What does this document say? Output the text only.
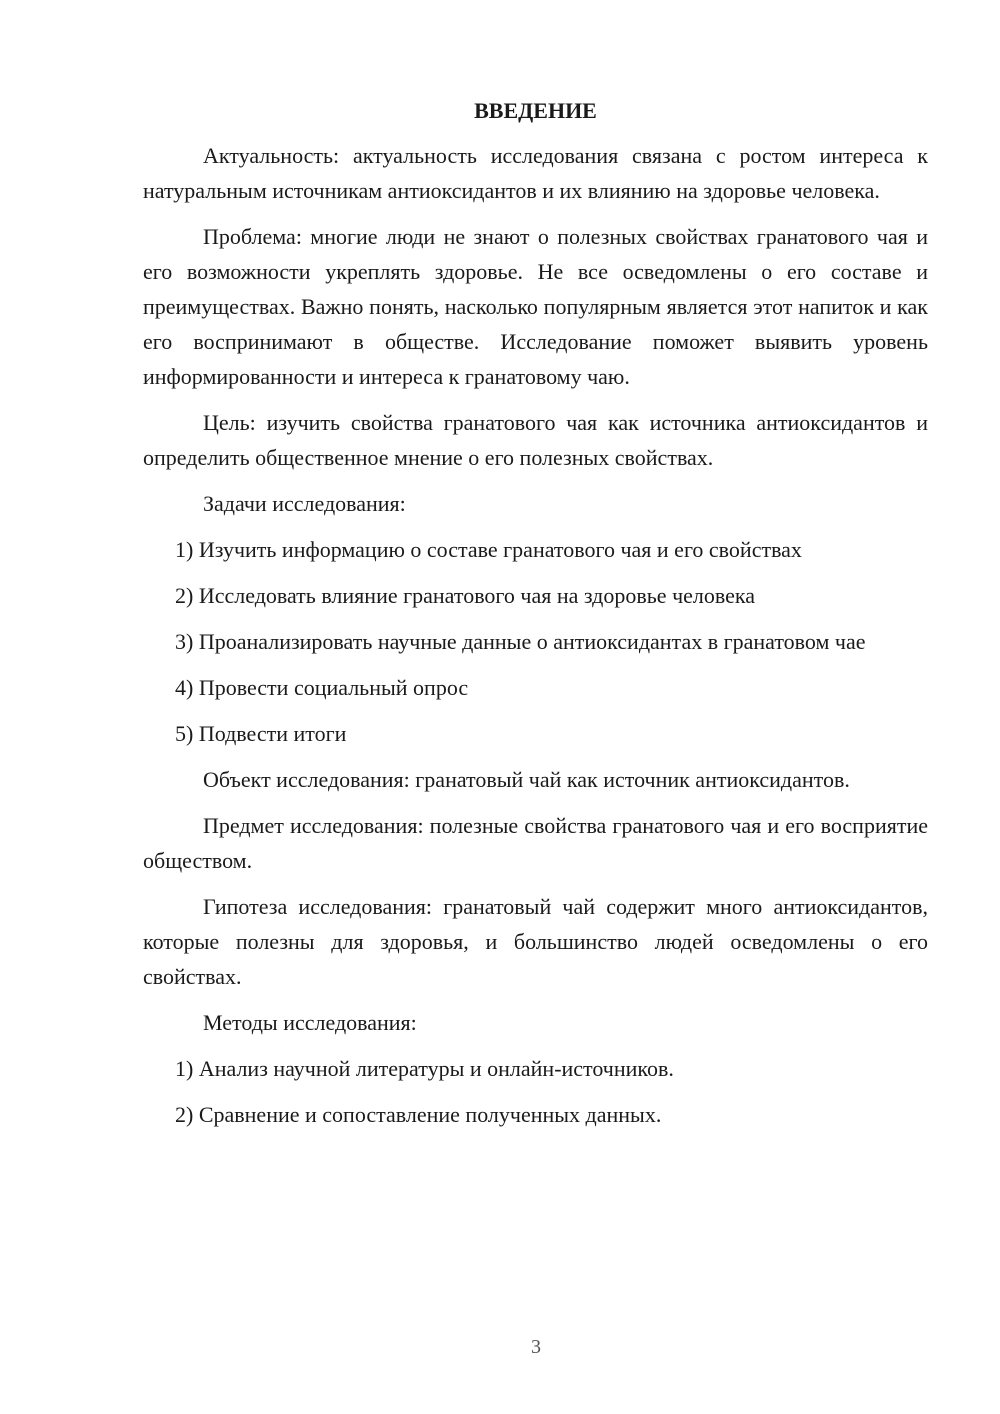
ВВЕДЕНИЕ

Актуальность: актуальность исследования связана с ростом интереса к натуральным источникам антиоксидантов и их влиянию на здоровье человека.

Проблема: многие люди не знают о полезных свойствах гранатового чая и его возможности укреплять здоровье. Не все осведомлены о его составе и преимуществах. Важно понять, насколько популярным является этот напиток и как его воспринимают в обществе. Исследование поможет выявить уровень информированности и интереса к гранатовому чаю.

Цель: изучить свойства гранатового чая как источника антиоксидантов и определить общественное мнение о его полезных свойствах.

Задачи исследования:

1) Изучить информацию о составе гранатового чая и его свойствах
2) Исследовать влияние гранатового чая на здоровье человека
3) Проанализировать научные данные о антиоксидантах в гранатовом чае
4) Провести социальный опрос
5) Подвести итоги

Объект исследования: гранатовый чай как источник антиоксидантов.

Предмет исследования: полезные свойства гранатового чая и его восприятие обществом.

Гипотеза исследования: гранатовый чай содержит много антиоксидантов, которые полезны для здоровья, и большинство людей осведомлены о его свойствах.

Методы исследования:

1) Анализ научной литературы и онлайн-источников.
2) Сравнение и сопоставление полученных данных.
3
